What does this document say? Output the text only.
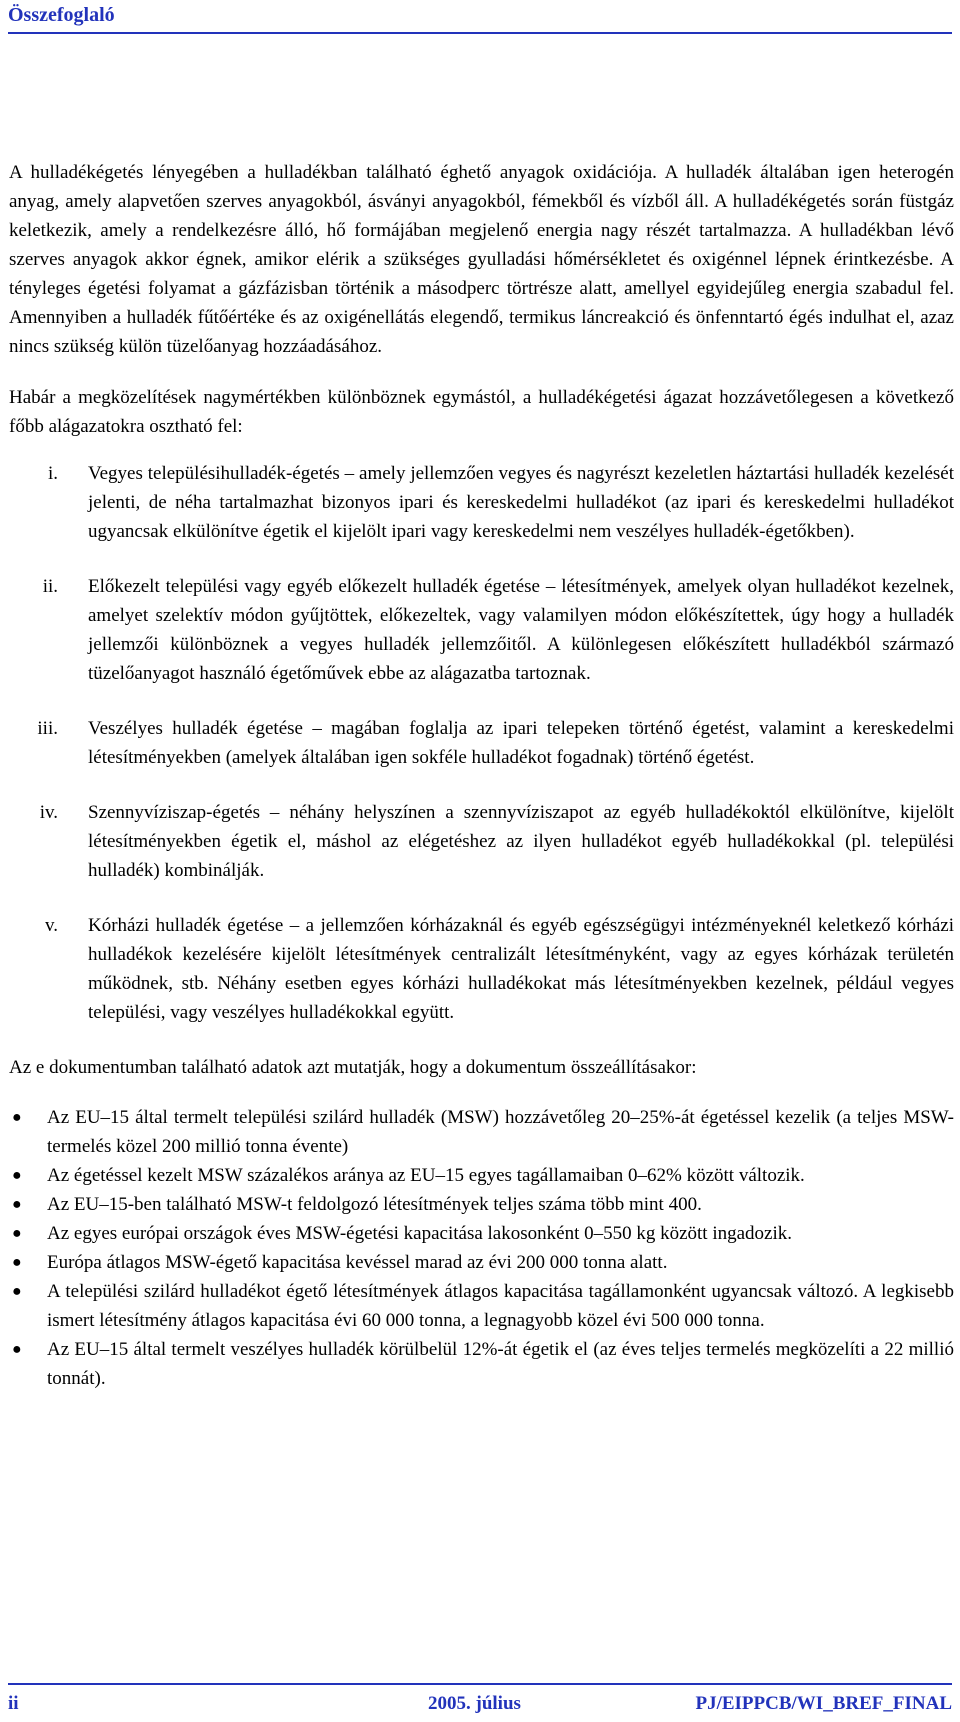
Összefoglaló

A hulladékégetés lényegében a hulladékban található éghető anyagok oxidációja. A hulladék általában igen heterogén anyag, amely alapvetően szerves anyagokból, ásványi anyagokból, fémekből és vízből áll. A hulladékégetés során füstgáz keletkezik, amely a rendelkezésre álló, hő formájában megjelenő energia nagy részét tartalmazza. A hulladékban lévő szerves anyagok akkor égnek, amikor elérik a szükséges gyulladási hőmérsékletet és oxigénnel lépnek érintkezésbe. A tényleges égetési folyamat a gázfázisban történik a másodperc törtrésze alatt, amellyel egyidejűleg energia szabadul fel. Amennyiben a hulladék fűtőértéke és az oxigénellátás elegendő, termikus láncreakció és önfenntartó égés indulhat el, azaz nincs szükség külön tüzelőanyag hozzáadásához.

Habár a megközelítések nagymértékben különböznek egymástól, a hulladékégetési ágazat hozzávetőlegesen a következő főbb alágazatokra osztható fel:

i. Vegyes településihulladék-égetés – amely jellemzően vegyes és nagyrészt kezeletlen háztartási hulladék kezelését jelenti, de néha tartalmazhat bizonyos ipari és kereskedelmi hulladékot (az ipari és kereskedelmi hulladékot ugyancsak elkülönítve égetik el kijelölt ipari vagy kereskedelmi nem veszélyes hulladék-égetőkben).
ii. Előkezelt települési vagy egyéb előkezelt hulladék égetése – létesítmények, amelyek olyan hulladékot kezelnek, amelyet szelektív módon gyűjtöttek, előkezeltek, vagy valamilyen módon előkészítettek, úgy hogy a hulladék jellemzői különböznek a vegyes hulladék jellemzőitől. A különlegesen előkészített hulladékból származó tüzelőanyagot használó égetőművek ebbe az alágazatba tartoznak.
iii. Veszélyes hulladék égetése – magában foglalja az ipari telepeken történő égetést, valamint a kereskedelmi létesítményekben (amelyek általában igen sokféle hulladékot fogadnak) történő égetést.
iv. Szennyvíziszap-égetés – néhány helyszínen a szennyvíziszapot az egyéb hulladékoktól elkülönítve, kijelölt létesítményekben égetik el, máshol az elégetéshez az ilyen hulladékot egyéb hulladékokkal (pl. települési hulladék) kombinálják.
v. Kórházi hulladék égetése – a jellemzően kórházaknál és egyéb egészségügyi intézményeknél keletkező kórházi hulladékok kezelésére kijelölt létesítmények centralizált létesítményként, vagy az egyes kórházak területén működnek, stb. Néhány esetben egyes kórházi hulladékokat más létesítményekben kezelnek, például vegyes települési, vagy veszélyes hulladékokkal együtt.

Az e dokumentumban található adatok azt mutatják, hogy a dokumentum összeállításakor:

● Az EU–15 által termelt települési szilárd hulladék (MSW) hozzávetőleg 20–25%-át égetéssel kezelik (a teljes MSW-termelés közel 200 millió tonna évente)
● Az égetéssel kezelt MSW százalékos aránya az EU–15 egyes tagállamaiban 0–62% között változik.
● Az EU–15-ben található MSW-t feldolgozó létesítmények teljes száma több mint 400.
● Az egyes európai országok éves MSW-égetési kapacitása lakosonként 0–550 kg között ingadozik.
● Európa átlagos MSW-égető kapacitása kevéssel marad az évi 200 000 tonna alatt.
● A települési szilárd hulladékot égető létesítmények átlagos kapacitása tagállamonként ugyancsak változó. A legkisebb ismert létesítmény átlagos kapacitása évi 60 000 tonna, a legnagyobb közel évi 500 000 tonna.
● Az EU–15 által termelt veszélyes hulladék körülbelül 12%-át égetik el (az éves teljes termelés megközelíti a 22 millió tonnát).
ii	2005. július	PJ/EIPPCB/WI_BREF_FINAL
